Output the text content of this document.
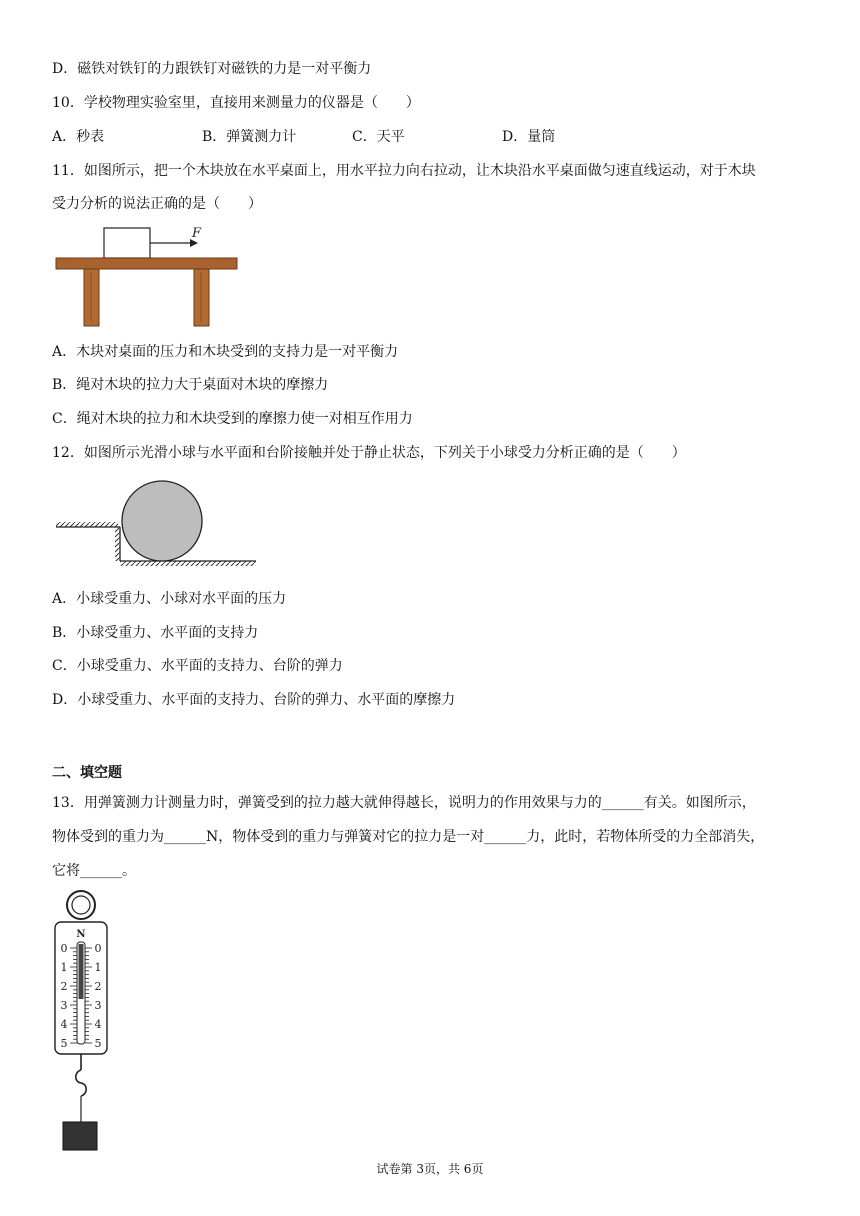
D．磁铁对铁钉的力跟铁钉对磁铁的力是一对平衡力
10．学校物理实验室里，直接用来测量力的仪器是（　　）
A．秒表	B．弹簧测力计	C．天平	D．量筒
11．如图所示，把一个木块放在水平桌面上，用水平拉力向右拉动，让木块沿水平桌面做匀速直线运动，对于木块
受力分析的说法正确的是（　　）
F
A．木块对桌面的压力和木块受到的支持力是一对平衡力
B．绳对木块的拉力大于桌面对木块的摩擦力
C．绳对木块的拉力和木块受到的摩擦力使一对相互作用力
12．如图所示光滑小球与水平面和台阶接触并处于静止状态，下列关于小球受力分析正确的是（　　）
A．小球受重力、小球对水平面的压力
B．小球受重力、水平面的支持力
C．小球受重力、水平面的支持力、台阶的弹力
D．小球受重力、水平面的支持力、台阶的弹力、水平面的摩擦力
二、填空题
13．用弹簧测力计测量力时，弹簧受到的拉力越大就伸得越长，说明力的作用效果与力的______有关。如图所示，
物体受到的重力为______N，物体受到的重力与弹簧对它的拉力是一对______力，此时，若物体所受的力全部消失，
它将______。
N
0 0
1 1
2 2
3 3
4 4
5 5
试卷第 3页，共 6页
